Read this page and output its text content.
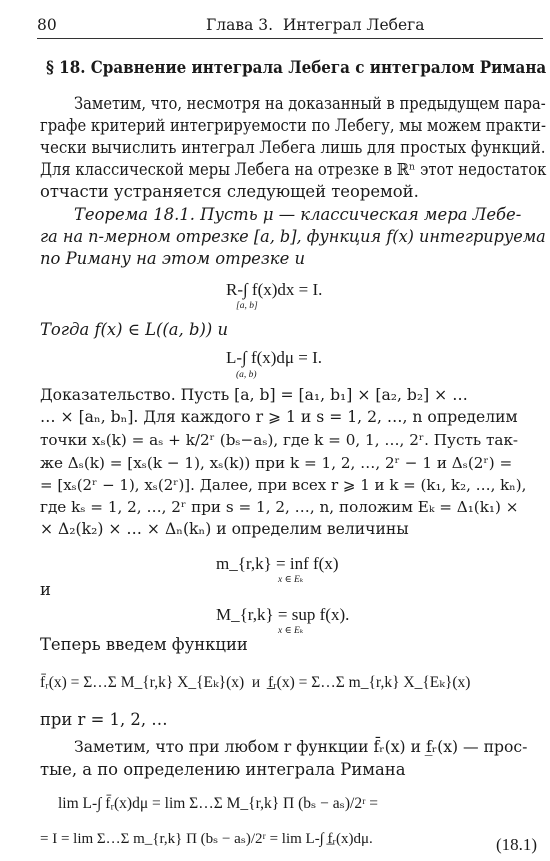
80	Глава 3.  Интеграл Лебега
§ 18. Сравнение интеграла Лебега с интегралом Римана
Заметим, что, несмотря на доказанный в предыдущем пара-
графе критерий интегрируемости по Лебегу, мы можем практи-
чески вычислить интеграл Лебега лишь для простых функций.
Для классической меры Лебега на отрезке в ℝⁿ этот недостаток
отчасти устраняется следующей теоремой.
Теорема 18.1. Пусть μ — классическая мера Лебе-
га на n-мерном отрезке [a, b], функция f(x) интегрируема
по Риману на этом отрезке и
R-∫ f(x)dx = I.
[a, b]
Тогда f(x) ∈ L((a, b)) и
L-∫ f(x)dμ = I.
(a, b)
Доказательство. Пусть [a, b] = [a₁, b₁] × [a₂, b₂] × …
… × [aₙ, bₙ]. Для каждого r ⩾ 1 и s = 1, 2, …, n определим
точки xₛ(k) = aₛ + k/2ʳ (bₛ−aₛ), где k = 0, 1, …, 2ʳ. Пусть так-
же Δₛ(k) = [xₛ(k − 1), xₛ(k)) при k = 1, 2, …, 2ʳ − 1 и Δₛ(2ʳ) =
= [xₛ(2ʳ − 1), xₛ(2ʳ)]. Далее, при всех r ⩾ 1 и k = (k₁, k₂, …, kₙ),
где kₛ = 1, 2, …, 2ʳ при s = 1, 2, …, n, положим Eₖ = Δ₁(k₁) ×
× Δ₂(k₂) × … × Δₙ(kₙ) и определим величины
m_{r,k} = inf f(x)
x ∈ Eₖ
и
M_{r,k} = sup f(x).
x ∈ Eₖ
Теперь введем функции
f̄ᵣ(x) = Σ…Σ M_{r,k} X_{Eₖ}(x)  и  f̲ᵣ(x) = Σ…Σ m_{r,k} X_{Eₖ}(x)
при r = 1, 2, …
Заметим, что при любом r функции f̄ᵣ(x) и f̲ᵣ(x) — прос-
тые, а по определению интеграла Римана
lim L-∫ f̄ᵣ(x)dμ = lim Σ…Σ M_{r,k} Π (bₛ − aₛ)/2ʳ =
= I = lim Σ…Σ m_{r,k} Π (bₛ − aₛ)/2ʳ = lim L-∫ f̲ᵣ(x)dμ.	(18.1)
